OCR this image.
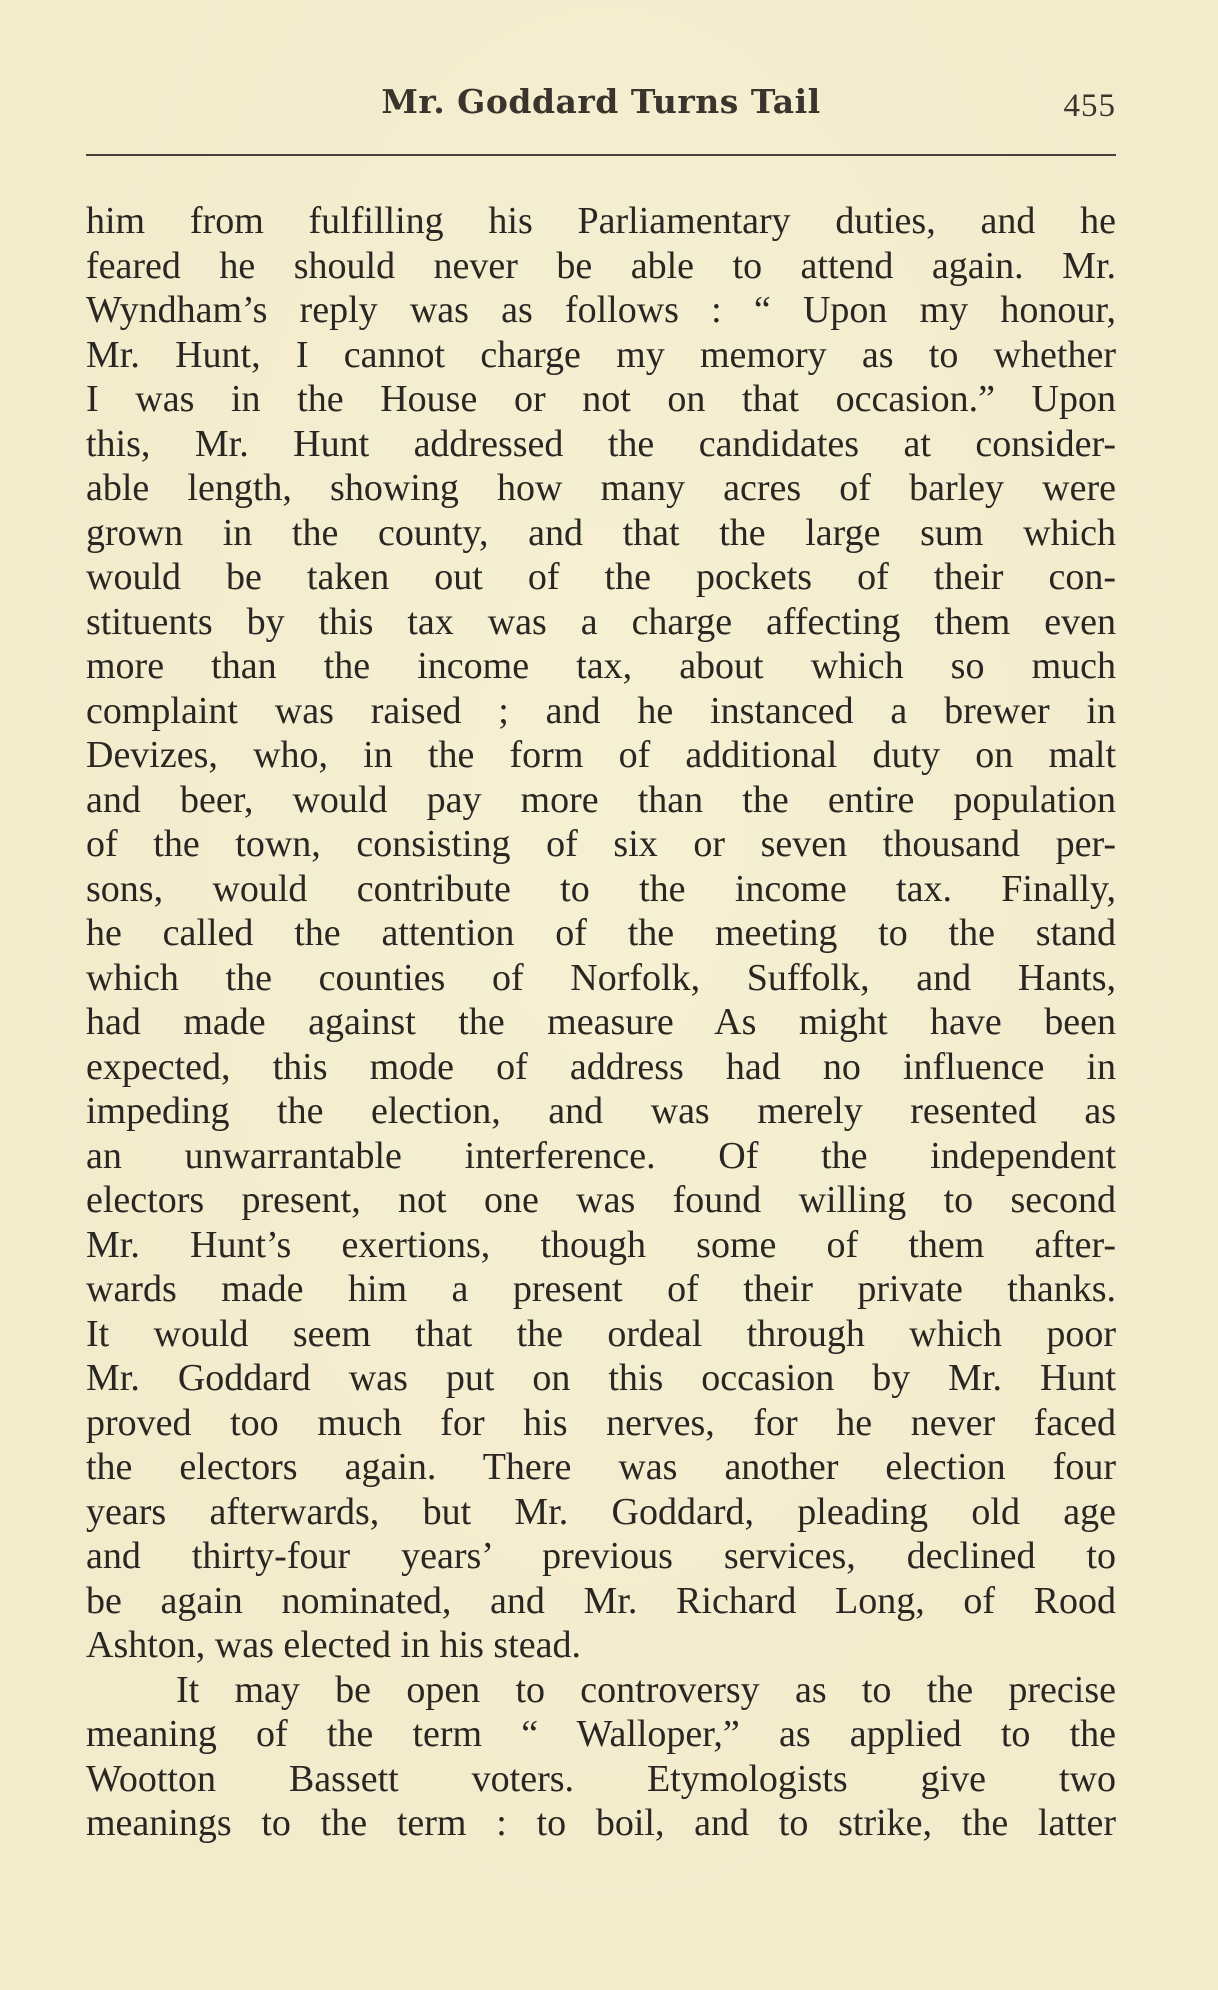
Mr. Goddard Turns Tail	455
him from fulfilling his Parliamentary duties, and he
feared he should never be able to attend again. Mr.
Wyndham’s reply was as follows : “ Upon my honour,
Mr. Hunt, I cannot charge my memory as to whether
I was in the House or not on that occasion.” Upon
this, Mr. Hunt addressed the candidates at consider-
able length, showing how many acres of barley were
grown in the county, and that the large sum which
would be taken out of the pockets of their con-
stituents by this tax was a charge affecting them even
more than the income tax, about which so much
complaint was raised ; and he instanced a brewer in
Devizes, who, in the form of additional duty on malt
and beer, would pay more than the entire population
of the town, consisting of six or seven thousand per-
sons, would contribute to the income tax. Finally,
he called the attention of the meeting to the stand
which the counties of Norfolk, Suffolk, and Hants,
had made against the measure As might have been
expected, this mode of address had no influence in
impeding the election, and was merely resented as
an unwarrantable interference. Of the independent
electors present, not one was found willing to second
Mr. Hunt’s exertions, though some of them after-
wards made him a present of their private thanks.
It would seem that the ordeal through which poor
Mr. Goddard was put on this occasion by Mr. Hunt
proved too much for his nerves, for he never faced
the electors again. There was another election four
years afterwards, but Mr. Goddard, pleading old age
and thirty-four years’ previous services, declined to
be again nominated, and Mr. Richard Long, of Rood
Ashton, was elected in his stead.
It may be open to controversy as to the precise
meaning of the term “ Walloper,” as applied to the
Wootton Bassett voters. Etymologists give two
meanings to the term : to boil, and to strike, the latter
